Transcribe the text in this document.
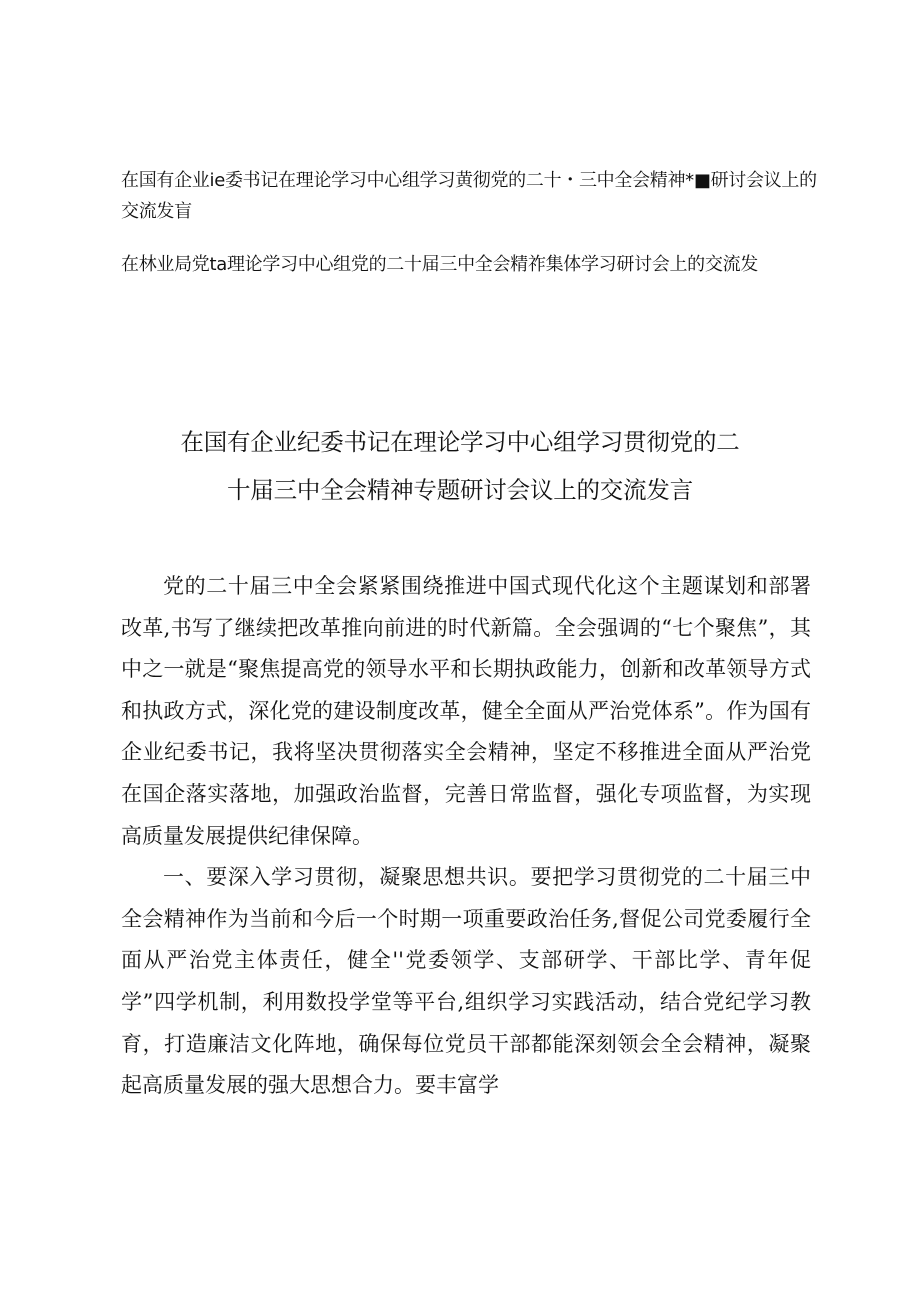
在国有企业ie委书记在理论学习中心组学习黄彻党的二十・三中全会精神*■研讨会议上的交流发盲
在林业局党ta理论学习中心组党的二十届三中全会精祚集体学习研讨会上的交流发
在国有企业纪委书记在理论学习中心组学习贯彻党的二
十届三中全会精神专题研讨会议上的交流发言

党的二十届三中全会紧紧围绕推进中国式现代化这个主题谋划和部署改革,书写了继续把改革推向前进的时代新篇。全会强调的“七个聚焦”，其中之一就是“聚焦提高党的领导水平和长期执政能力，创新和改革领导方式和执政方式，深化党的建设制度改革，健全全面从严治党体系”。作为国有企业纪委书记，我将坚决贯彻落实全会精神，坚定不移推进全面从严治党在国企落实落地，加强政治监督，完善日常监督，强化专项监督，为实现高质量发展提供纪律保障。

一、要深入学习贯彻，凝聚思想共识。要把学习贯彻党的二十届三中全会精神作为当前和今后一个时期一项重要政治任务,督促公司党委履行全面从严治党主体责任，健全''党委领学、支部研学、干部比学、青年促学”四学机制，利用数投学堂等平台,组织学习实践活动，结合党纪学习教育，打造廉洁文化阵地，确保每位党员干部都能深刻领会全会精神，凝聚起高质量发展的强大思想合力。要丰富学
